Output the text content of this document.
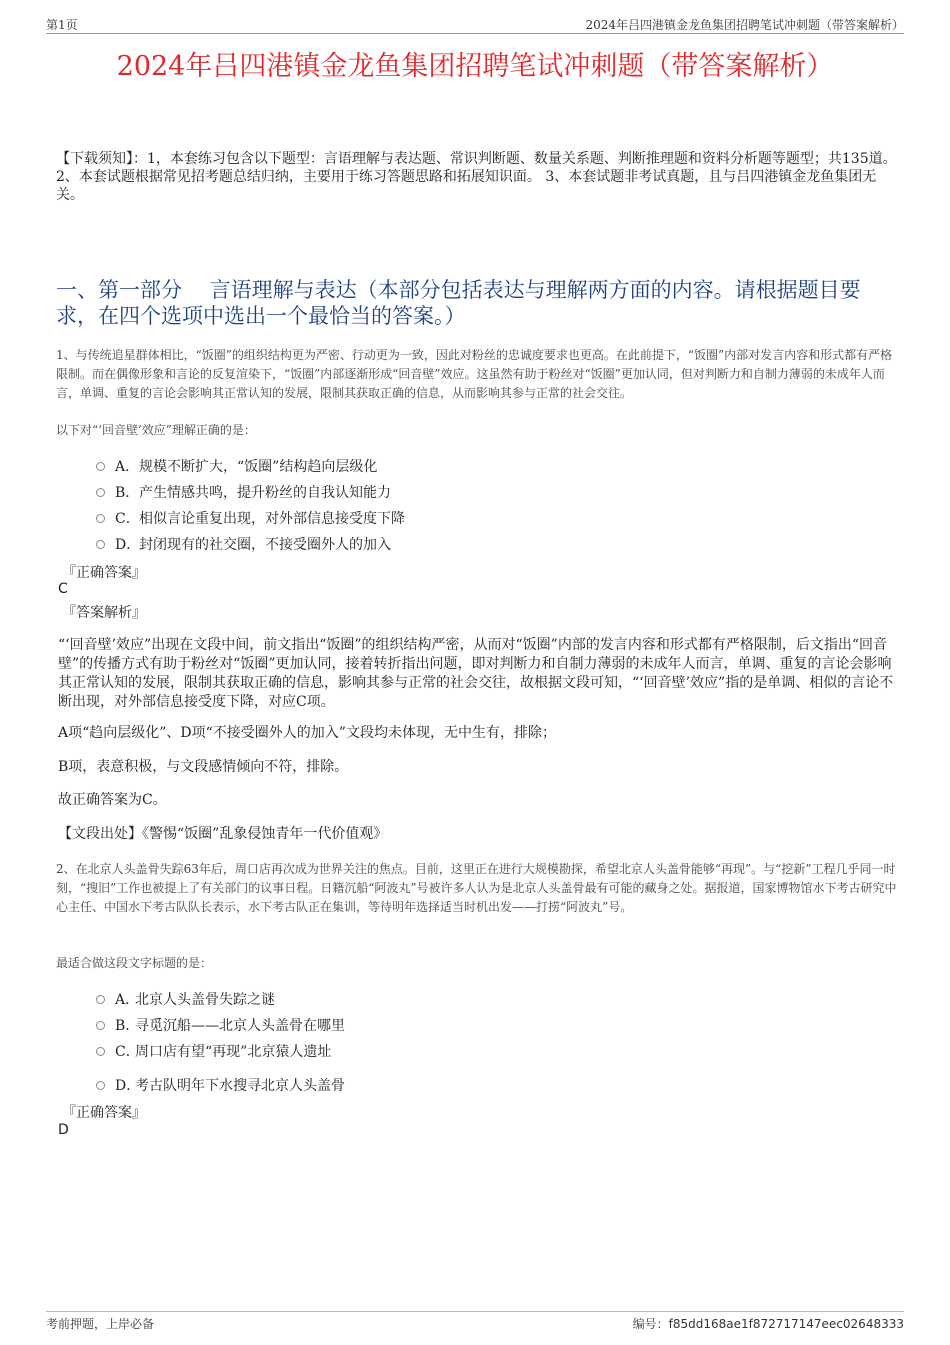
第1页	2024年吕四港镇金龙鱼集团招聘笔试冲刺题（带答案解析）
2024年吕四港镇金龙鱼集团招聘笔试冲刺题（带答案解析）
【下载须知】：1，本套练习包含以下题型：言语理解与表达题、常识判断题、数量关系题、判断推理题和资料分析题等题型；共135道。 2、本套试题根据常见招考题总结归纳，主要用于练习答题思路和拓展知识面。 3、本套试题非考试真题，且与吕四港镇金龙鱼集团无关。
一、第一部分　 言语理解与表达（本部分包括表达与理解两方面的内容。请根据题目要求，在四个选项中选出一个最恰当的答案。）
1、与传统追星群体相比，“饭圈”的组织结构更为严密、行动更为一致，因此对粉丝的忠诚度要求也更高。在此前提下，“饭圈”内部对发言内容和形式都有严格限制。而在偶像形象和言论的反复渲染下，“饭圈”内部逐渐形成“回音壁”效应。这虽然有助于粉丝对“饭圈”更加认同，但对判断力和自制力薄弱的未成年人而言，单调、重复的言论会影响其正常认知的发展，限制其获取正确的信息，从而影响其参与正常的社会交往。
以下对“‘回音壁’效应”理解正确的是：
A． 规模不断扩大，“饭圈”结构趋向层级化
B． 产生情感共鸣，提升粉丝的自我认知能力
C． 相似言论重复出现，对外部信息接受度下降
D．
封闭现有的社交圈，不接受圈外人的加入
『正确答案』
C
『答案解析』
“‘回音壁’效应”出现在文段中间，前文指出“饭圈”的组织结构严密，从而对“饭圈”内部的发言内容和形式都有严格限制，后文指出“回音壁”的传播方式有助于粉丝对“饭圈”更加认同，接着转折指出问题，即对判断力和自制力薄弱的未成年人而言，单调、重复的言论会影响其正常认知的发展，限制其获取正确的信息，影响其参与正常的社会交往，故根据文段可知，“‘回音壁’效应”指的是单调、相似的言论不断出现，对外部信息接受度下降，对应C项。
A项“趋向层级化”、D项“不接受圈外人的加入”文段均未体现，无中生有，排除；
B项，表意积极，与文段感情倾向不符，排除。
故正确答案为C。
【文段出处】《警惕“饭圈”乱象侵蚀青年一代价值观》
2、在北京人头盖骨失踪63年后，周口店再次成为世界关注的焦点。目前，这里正在进行大规模勘探，希望北京人头盖骨能够“再现”。与“挖新”工程几乎同一时刻，“搜旧”工作也被提上了有关部门的议事日程。日籍沉船“阿波丸”号被许多人认为是北京人头盖骨最有可能的藏身之处。据报道，国家博物馆水下考古研究中心主任、中国水下考古队队长表示，水下考古队正在集训，等待明年选择适当时机出发——打捞“阿波丸”号。
最适合做这段文字标题的是：
A．
北京人头盖骨失踪之谜
B．
寻觅沉船——北京人头盖骨在哪里
C．
周口店有望“再现”北京猿人遗址
D．
考古队明年下水搜寻北京人头盖骨
『正确答案』
D
考前押题，上岸必备	编号：f85dd168ae1f872717147eec02648333
